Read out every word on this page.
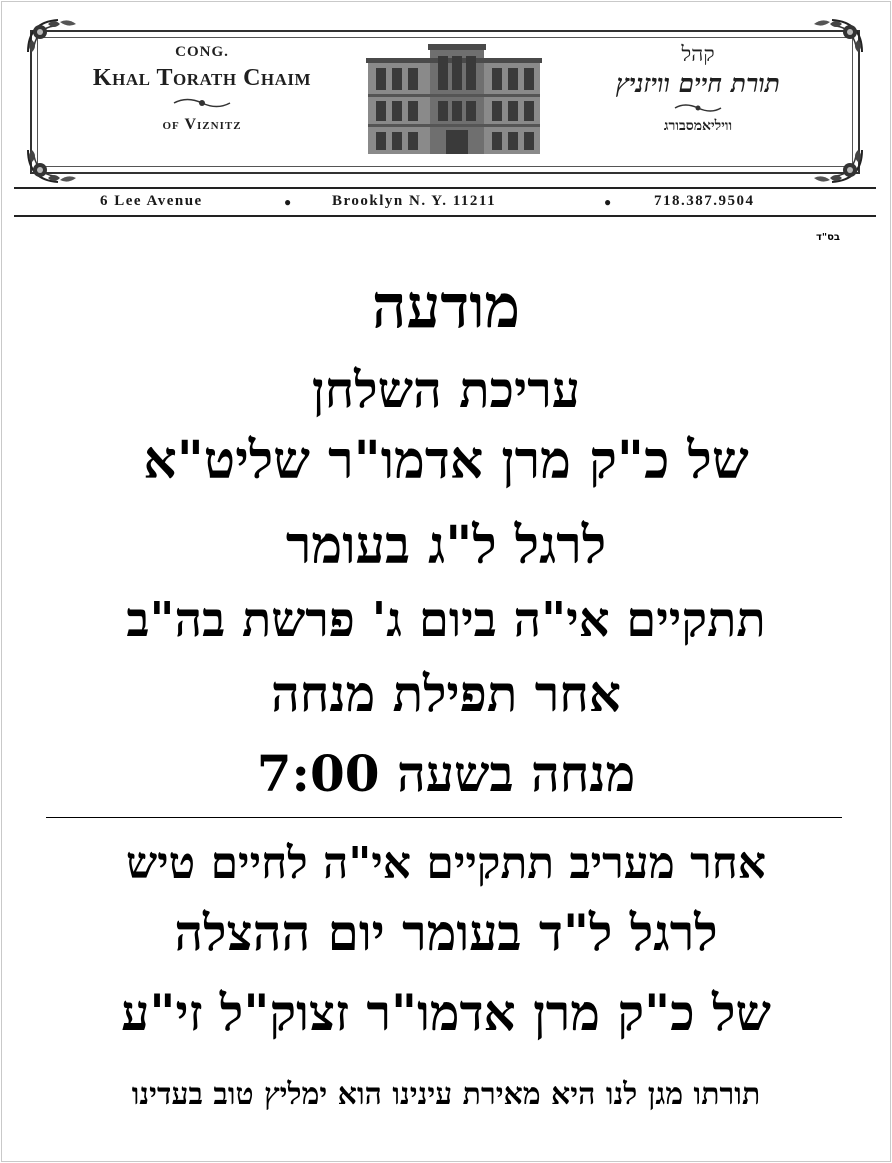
CONG.
Khal Torath Chaim
of Viznitz
קהל
תורת חיים וויזניץ
וויליאמסבורג
6 Lee Avenue	●	Brooklyn N. Y. 11211	●	718.387.9504
בס"ד
מודעה
עריכת השלחן
של כ"ק מרן אדמו"ר שליט"א
לרגל ל"ג בעומר
תתקיים אי"ה ביום ג' פרשת בה"ב
אחר תפילת מנחה
מנחה בשעה 7:00
אחר מעריב תתקיים אי"ה לחיים טיש
לרגל ל"ד בעומר יום ההצלה
של כ"ק מרן אדמו"ר זצוק"ל זי"ע
תורתו מגן לנו היא מאירת עינינו הוא ימליץ טוב בעדינו
